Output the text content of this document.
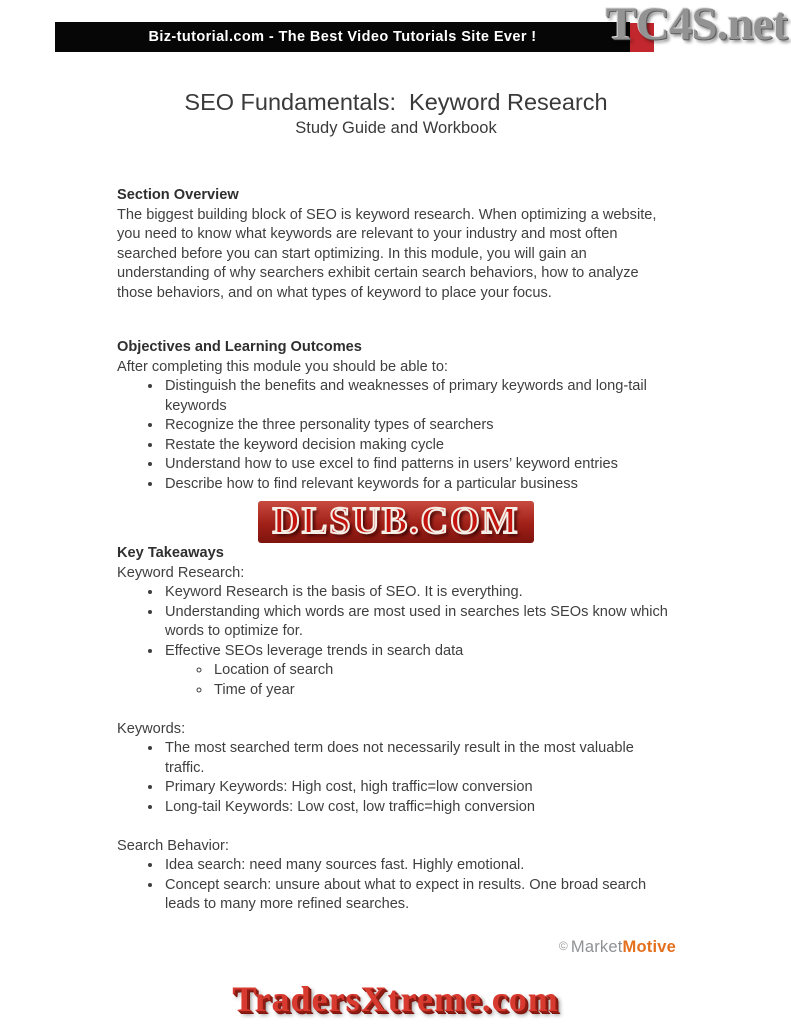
Biz-tutorial.com - The Best Video Tutorials Site Ever !	TC4S.net
SEO Fundamentals:  Keyword Research
Study Guide and Workbook
Section Overview

The biggest building block of SEO is keyword research. When optimizing a website, you need to know what keywords are relevant to your industry and most often searched before you can start optimizing. In this module, you will gain an understanding of why searchers exhibit certain search behaviors, how to analyze those behaviors, and on what types of keyword to place your focus.

Objectives and Learning Outcomes
After completing this module you should be able to:
• Distinguish the benefits and weaknesses of primary keywords and long-tail keywords
• Recognize the three personality types of searchers
• Restate the keyword decision making cycle
• Understand how to use excel to find patterns in users’ keyword entries
• Describe how to find relevant keywords for a particular business
DLSUB.COM
Key Takeaways
Keyword Research:
• Keyword Research is the basis of SEO. It is everything.
• Understanding which words are most used in searches lets SEOs know which words to optimize for.
• Effective SEOs leverage trends in search data
◦ Location of search
◦ Time of year
Keywords:
• The most searched term does not necessarily result in the most valuable traffic.
• Primary Keywords: High cost, high traffic=low conversion
• Long-tail Keywords: Low cost, low traffic=high conversion
Search Behavior:
• Idea search: need many sources fast. Highly emotional.
• Concept search: unsure about what to expect in results. One broad search leads to many more refined searches.
© MarketMotive
TradersXtreme.com
